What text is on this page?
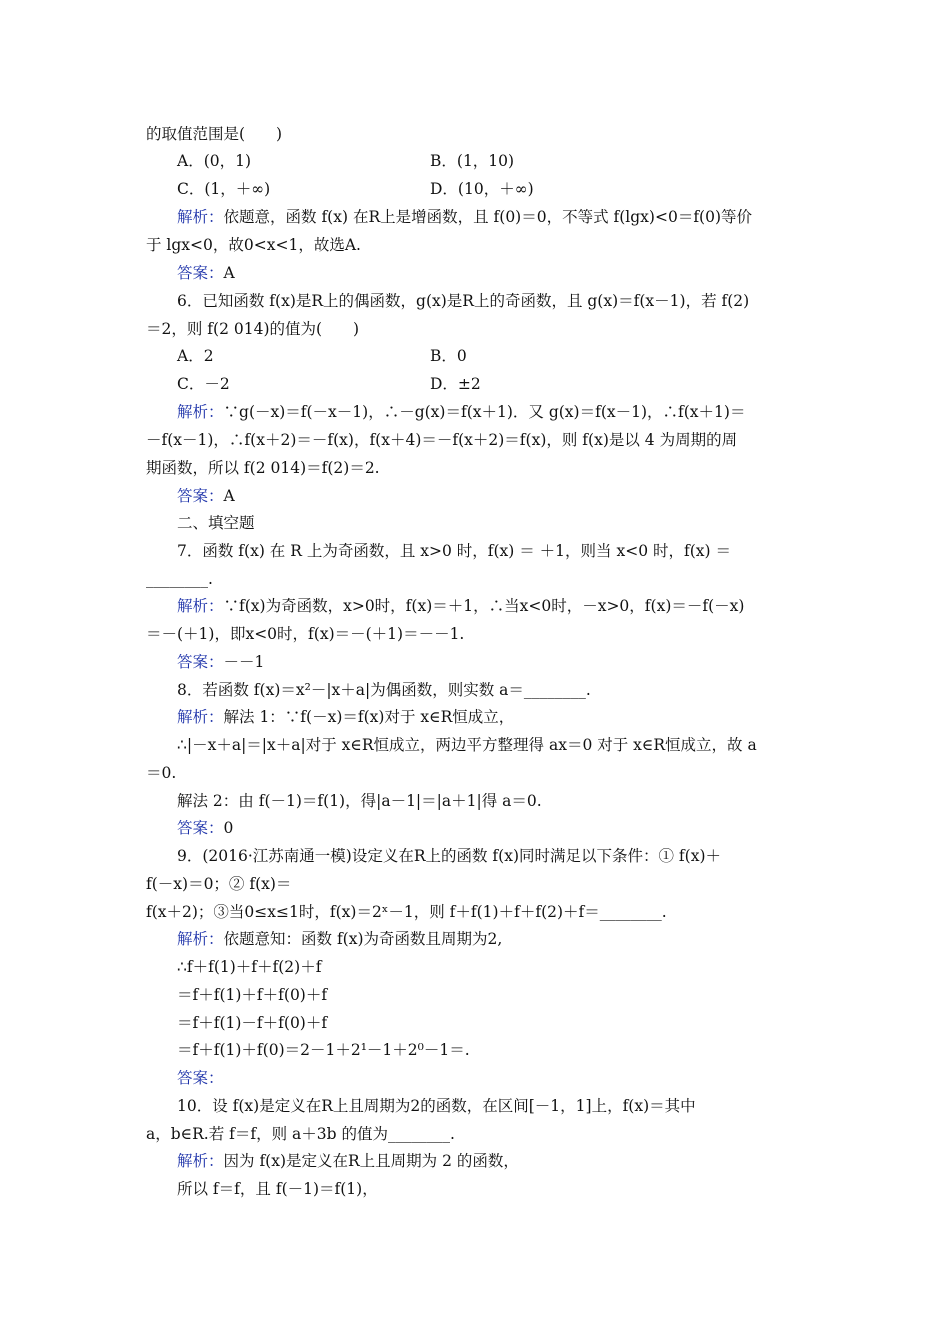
的取值范围是(　　)
A．(0，1)	B．(1，10)
C．(1，＋∞)	D．(10，＋∞)
解析：依题意，函数 f(x) 在R上是增函数，且 f(0)＝0，不等式 f(lgx)<0＝f(0)等价
于 lgx<0，故0<x<1，故选A.
答案：A
6．已知函数 f(x)是R上的偶函数，g(x)是R上的奇函数，且 g(x)＝f(x－1)，若 f(2)
＝2，则 f(2 014)的值为(　　)
A．2	B．0
C．－2	D．±2
解析：∵g(－x)＝f(－x－1)，∴－g(x)＝f(x＋1)．又 g(x)＝f(x－1)，∴f(x＋1)＝
－f(x－1)，∴f(x＋2)＝－f(x)，f(x＋4)＝－f(x＋2)＝f(x)，则 f(x)是以 4 为周期的周
期函数，所以 f(2 014)＝f(2)＝2.
答案：A
二、填空题
7．函数 f(x) 在 R 上为奇函数，且 x>0 时，f(x) ＝ ＋1，则当 x<0 时，f(x) ＝
________.
解析：∵f(x)为奇函数，x>0时，f(x)＝＋1，∴当x<0时，－x>0，f(x)＝－f(－x)
＝－(＋1)，即x<0时，f(x)＝－(＋1)＝－－1.
答案：－－1
8．若函数 f(x)＝x²－|x＋a|为偶函数，则实数 a＝________.
解析：解法 1：∵f(－x)＝f(x)对于 x∈R恒成立，
∴|－x＋a|＝|x＋a|对于 x∈R恒成立，两边平方整理得 ax＝0 对于 x∈R恒成立，故 a
＝0.
解法 2：由 f(－1)＝f(1)，得|a－1|＝|a＋1|得 a＝0.
答案：0
9．(2016·江苏南通一模)设定义在R上的函数 f(x)同时满足以下条件：① f(x)＋
f(－x)＝0；② f(x)＝
f(x＋2)；③当0≤x≤1时，f(x)＝2ˣ－1，则 f＋f(1)＋f＋f(2)＋f＝________.
解析：依题意知：函数 f(x)为奇函数且周期为2,
∴f＋f(1)＋f＋f(2)＋f
＝f＋f(1)＋f＋f(0)＋f
＝f＋f(1)－f＋f(0)＋f
＝f＋f(1)＋f(0)＝2－1＋2¹－1＋2⁰－1＝.
答案：
10．设 f(x)是定义在R上且周期为2的函数，在区间[－1，1]上，f(x)＝其中
a，b∈R.若 f＝f，则 a＋3b 的值为________.
解析：因为 f(x)是定义在R上且周期为 2 的函数，
所以 f＝f，且 f(－1)＝f(1)，
